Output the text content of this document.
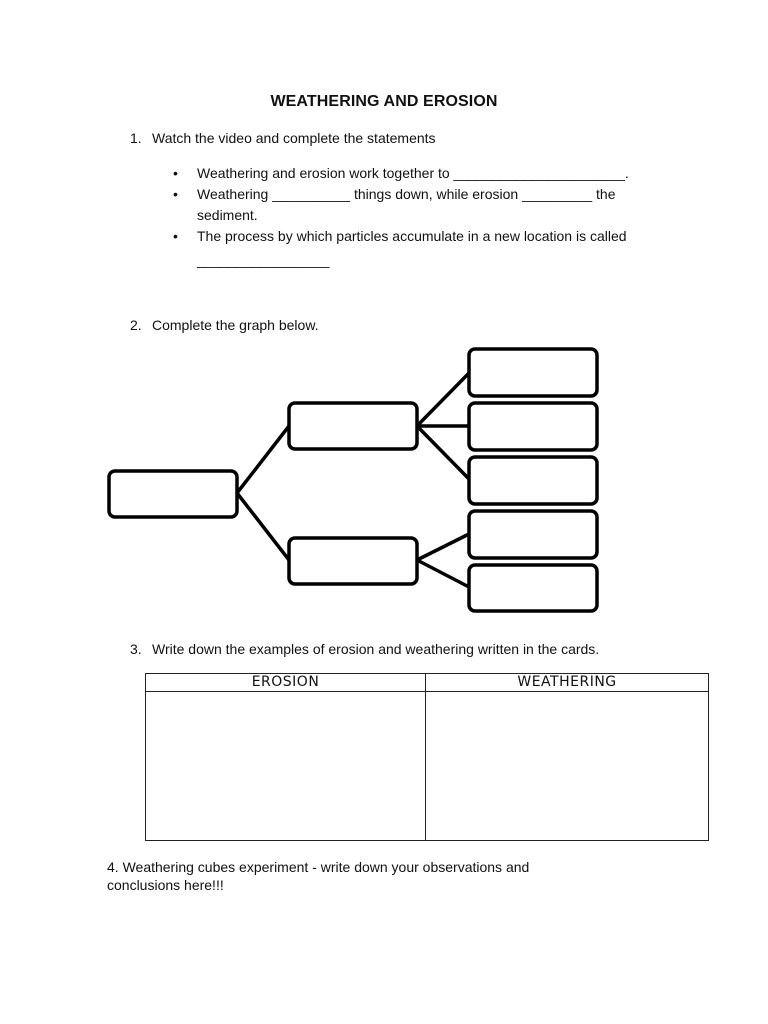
WEATHERING AND EROSION
1. Watch the video and complete the statements
• Weathering and erosion work together to ______________________.
• Weathering __________ things down, while erosion _________ the
sediment.
• The process by which particles accumulate in a new location is called
_________________
2. Complete the graph below.
3. Write down the examples of erosion and weathering written in the cards.
EROSION	WEATHERING
4. Weathering cubes experiment - write down your observations and
conclusions here!!!
